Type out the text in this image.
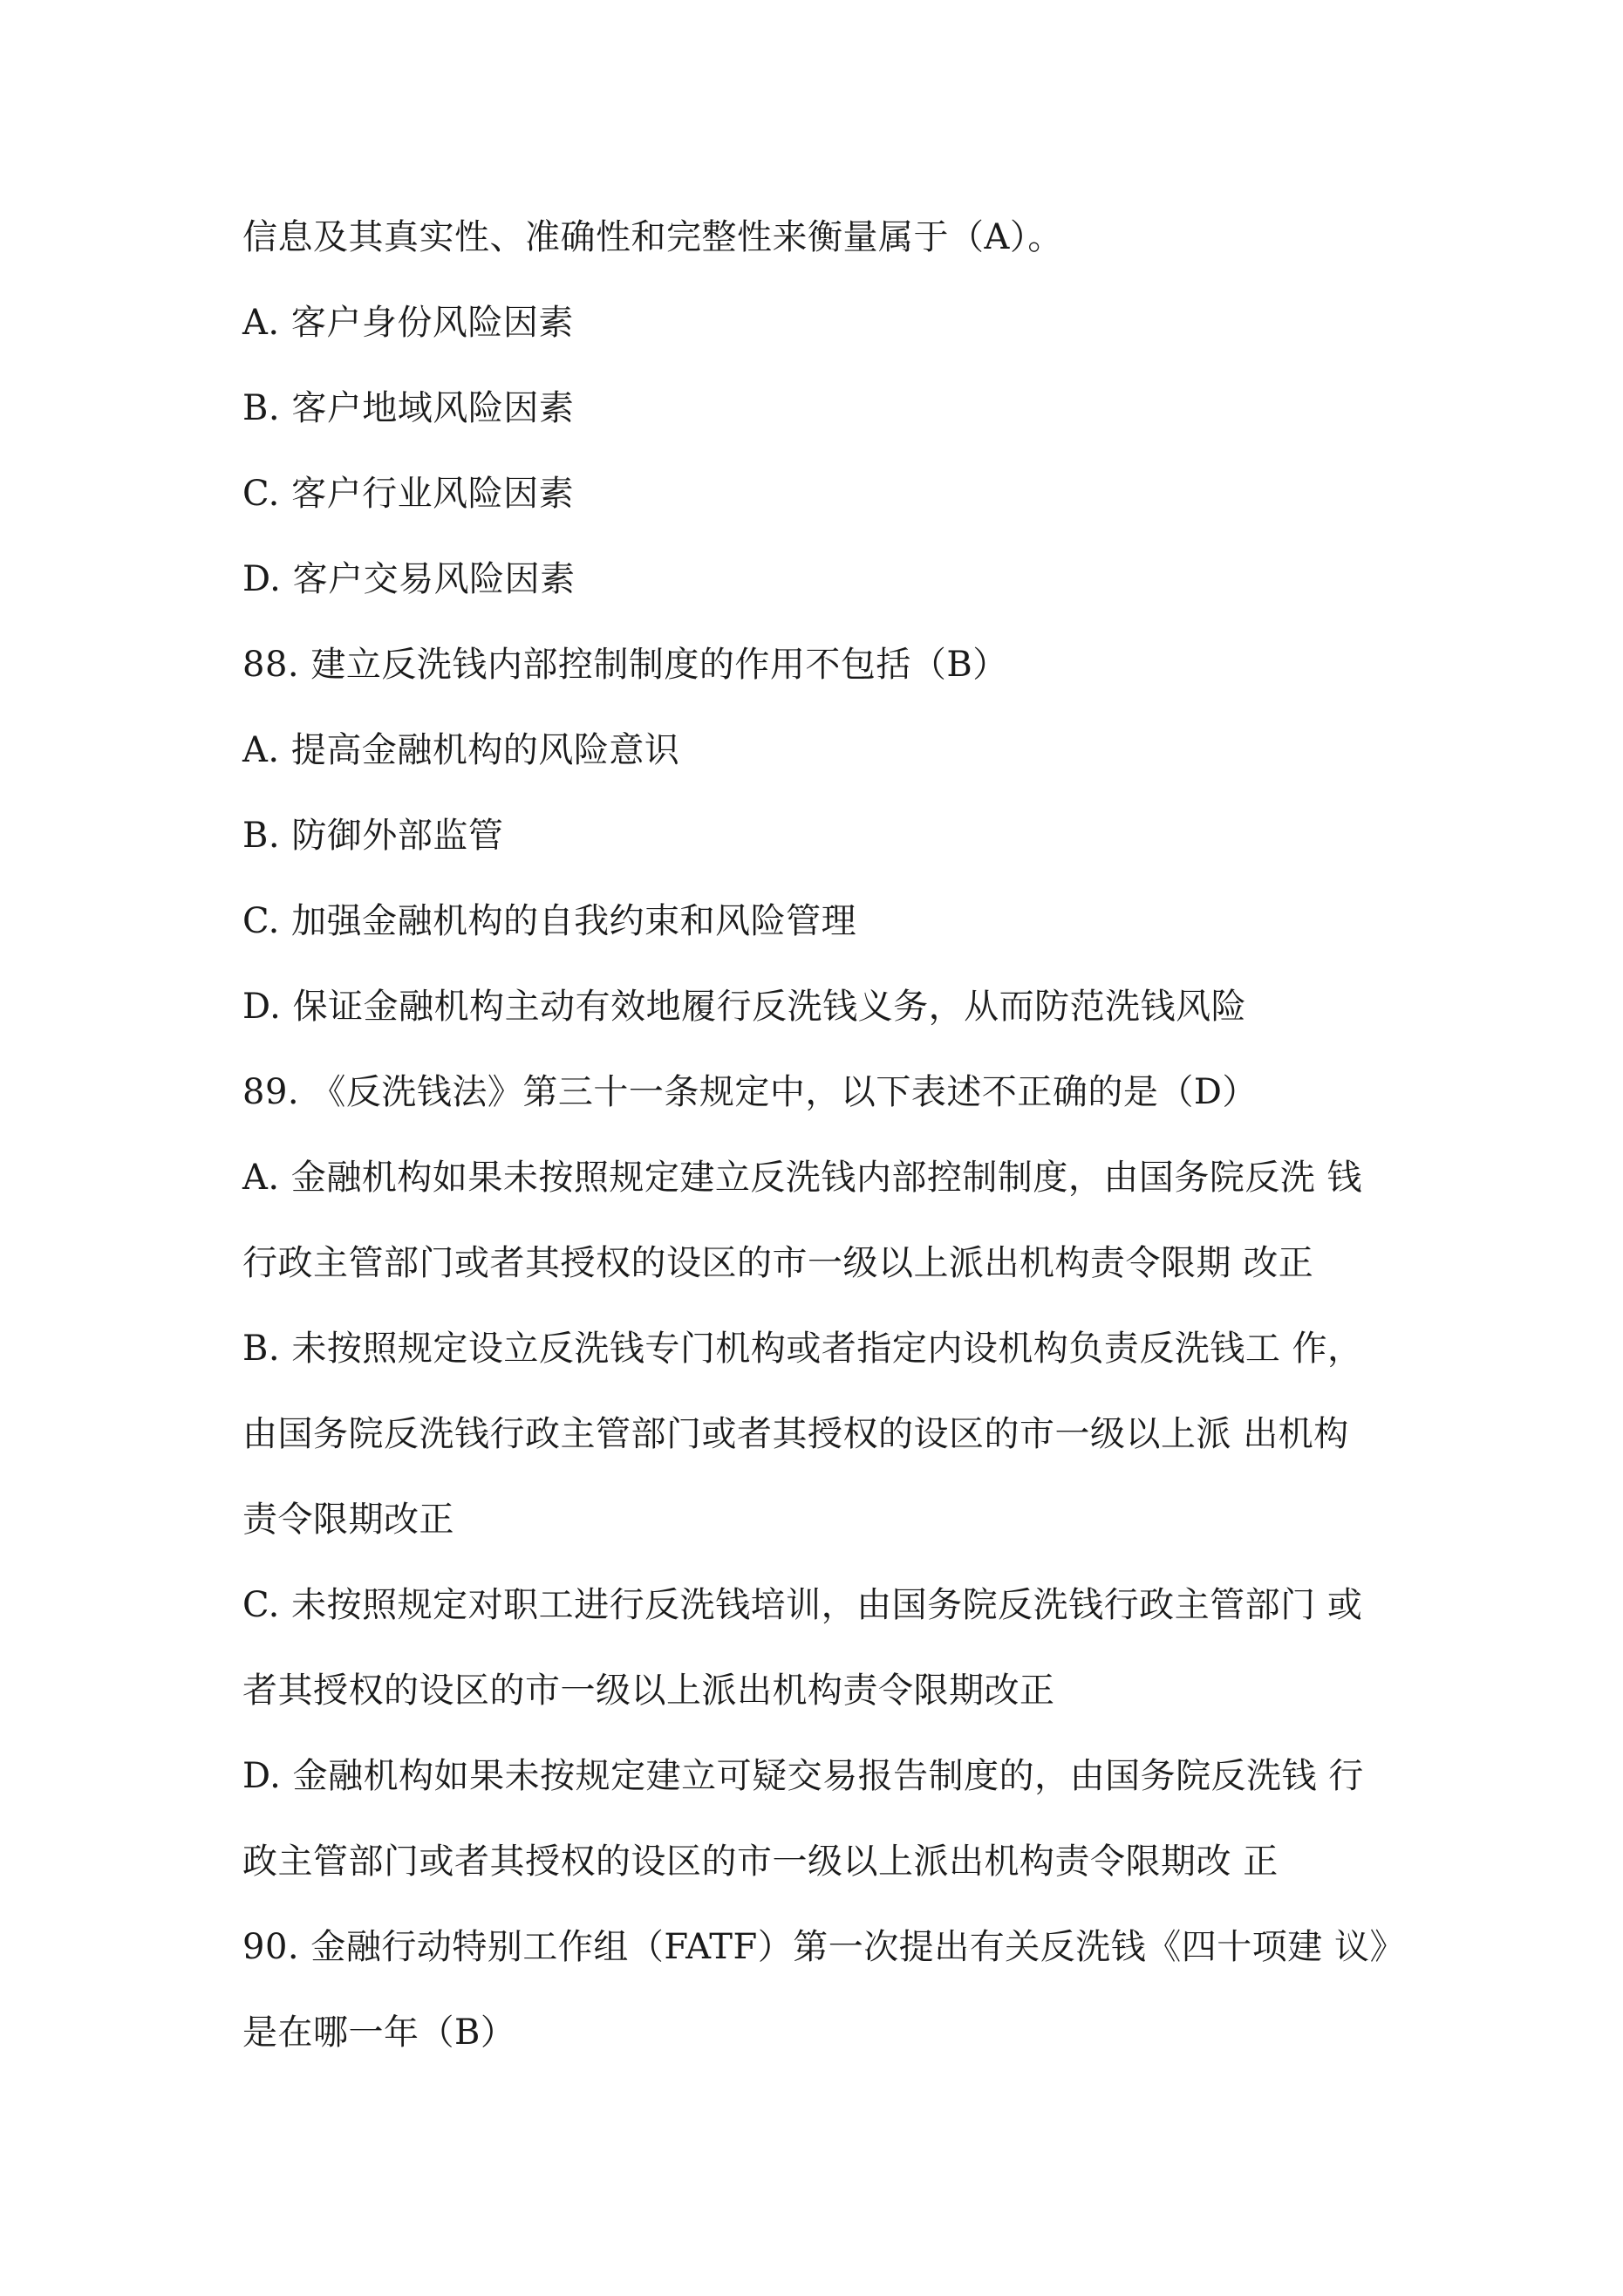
信息及其真实性、准确性和完整性来衡量属于（A）。
A. 客户身份风险因素
B. 客户地域风险因素
C. 客户行业风险因素
D. 客户交易风险因素
88. 建立反洗钱内部控制制度的作用不包括（B）
A. 提高金融机构的风险意识
B. 防御外部监管
C. 加强金融机构的自我约束和风险管理
D. 保证金融机构主动有效地履行反洗钱义务，从而防范洗钱风险
89. 《反洗钱法》第三十一条规定中，以下表述不正确的是（D）
A. 金融机构如果未按照规定建立反洗钱内部控制制度，由国务院反洗 钱
行政主管部门或者其授权的设区的市一级以上派出机构责令限期 改正
B. 未按照规定设立反洗钱专门机构或者指定内设机构负责反洗钱工 作，
由国务院反洗钱行政主管部门或者其授权的设区的市一级以上派 出机构
责令限期改正
C. 未按照规定对职工进行反洗钱培训，由国务院反洗钱行政主管部门 或
者其授权的设区的市一级以上派出机构责令限期改正
D. 金融机构如果未按规定建立可疑交易报告制度的，由国务院反洗钱 行
政主管部门或者其授权的设区的市一级以上派出机构责令限期改 正
90. 金融行动特别工作组（FATF）第一次提出有关反洗钱《四十项建 议》
是在哪一年（B）
